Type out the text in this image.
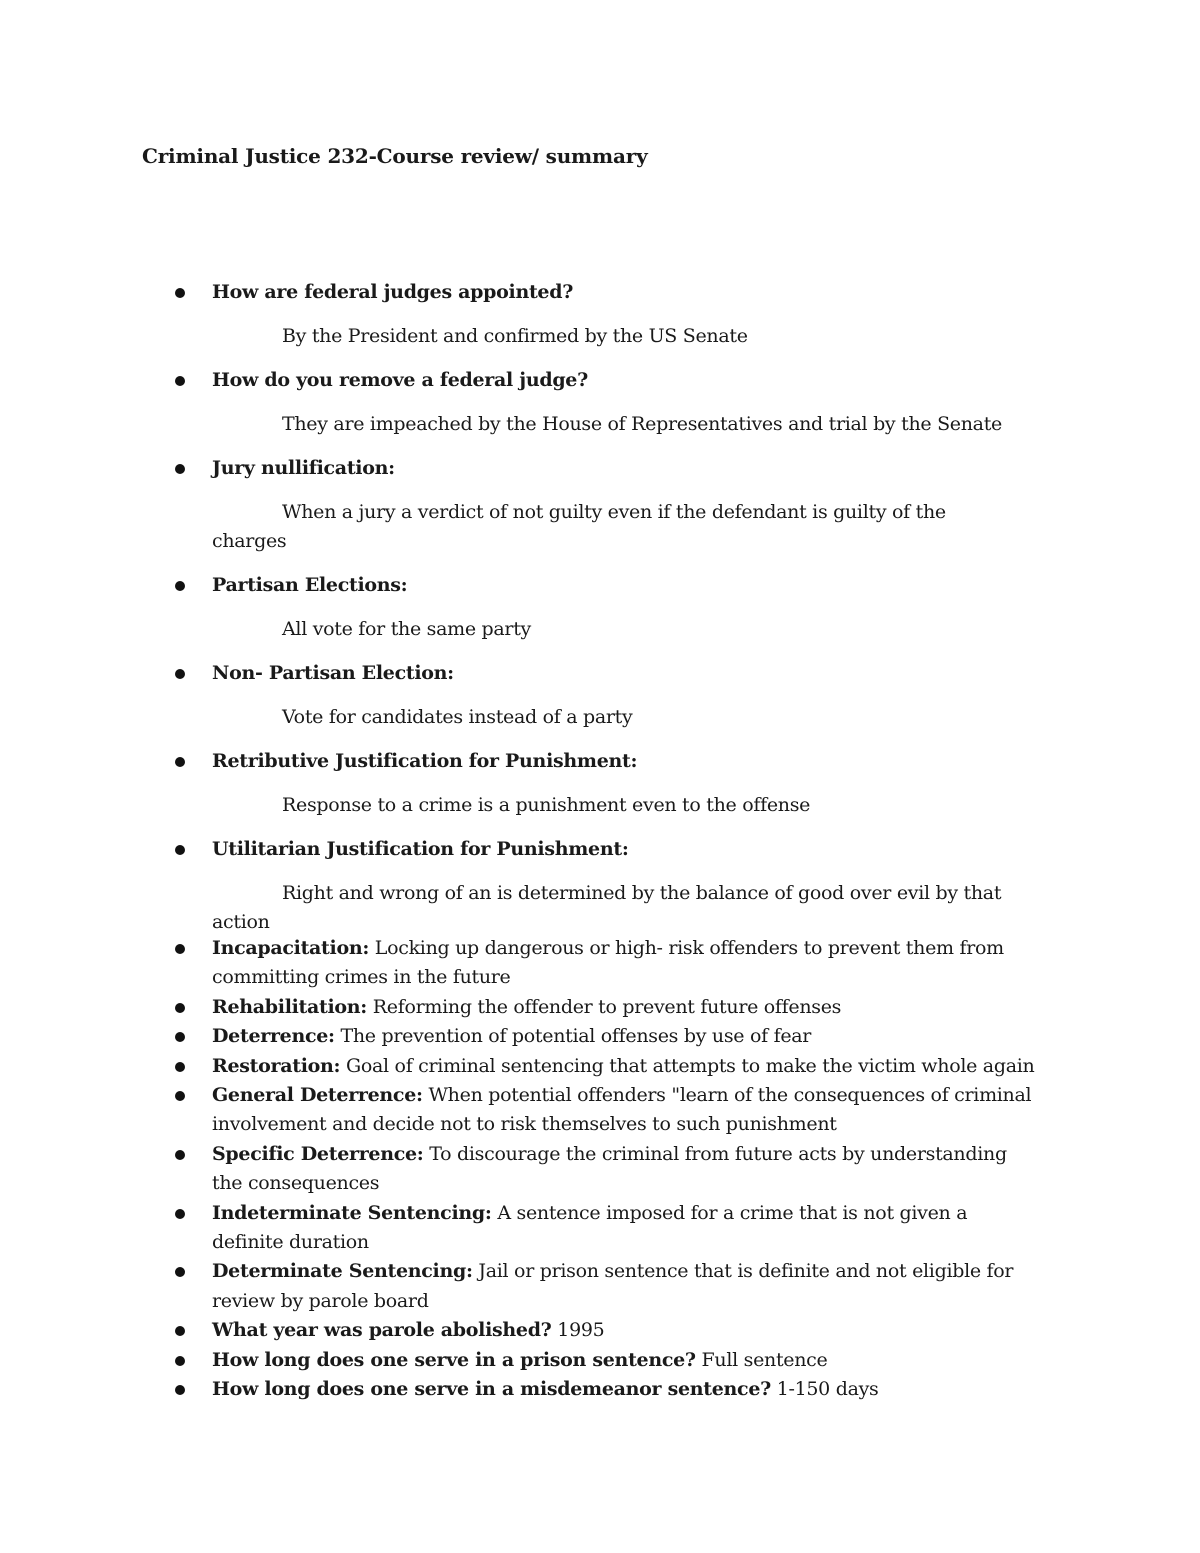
Criminal Justice 232-Course review/ summary
How are federal judges appointed?
By the President and confirmed by the US Senate
How do you remove a federal judge?
They are impeached by the House of Representatives and trial by the Senate
Jury nullification:
When a jury a verdict of not guilty even if the defendant is guilty of the charges
Partisan Elections:
All vote for the same party
Non- Partisan Election:
Vote for candidates instead of a party
Retributive Justification for Punishment:
Response to a crime is a punishment even to the offense
Utilitarian Justification for Punishment:
Right and wrong of an is determined by the balance of good over evil by that action
Incapacitation: Locking up dangerous or high- risk offenders to prevent them from committing crimes in the future
Rehabilitation: Reforming the offender to prevent future offenses
Deterrence: The prevention of potential offenses by use of fear
Restoration: Goal of criminal sentencing that attempts to make the victim whole again
General Deterrence: When potential offenders "learn of the consequences of criminal involvement and decide not to risk themselves to such punishment
Specific Deterrence: To discourage the criminal from future acts by understanding the consequences
Indeterminate Sentencing: A sentence imposed for a crime that is not given a definite duration
Determinate Sentencing: Jail or prison sentence that is definite and not eligible for review by parole board
What year was parole abolished? 1995
How long does one serve in a prison sentence? Full sentence
How long does one serve in a misdemeanor sentence? 1-150 days
